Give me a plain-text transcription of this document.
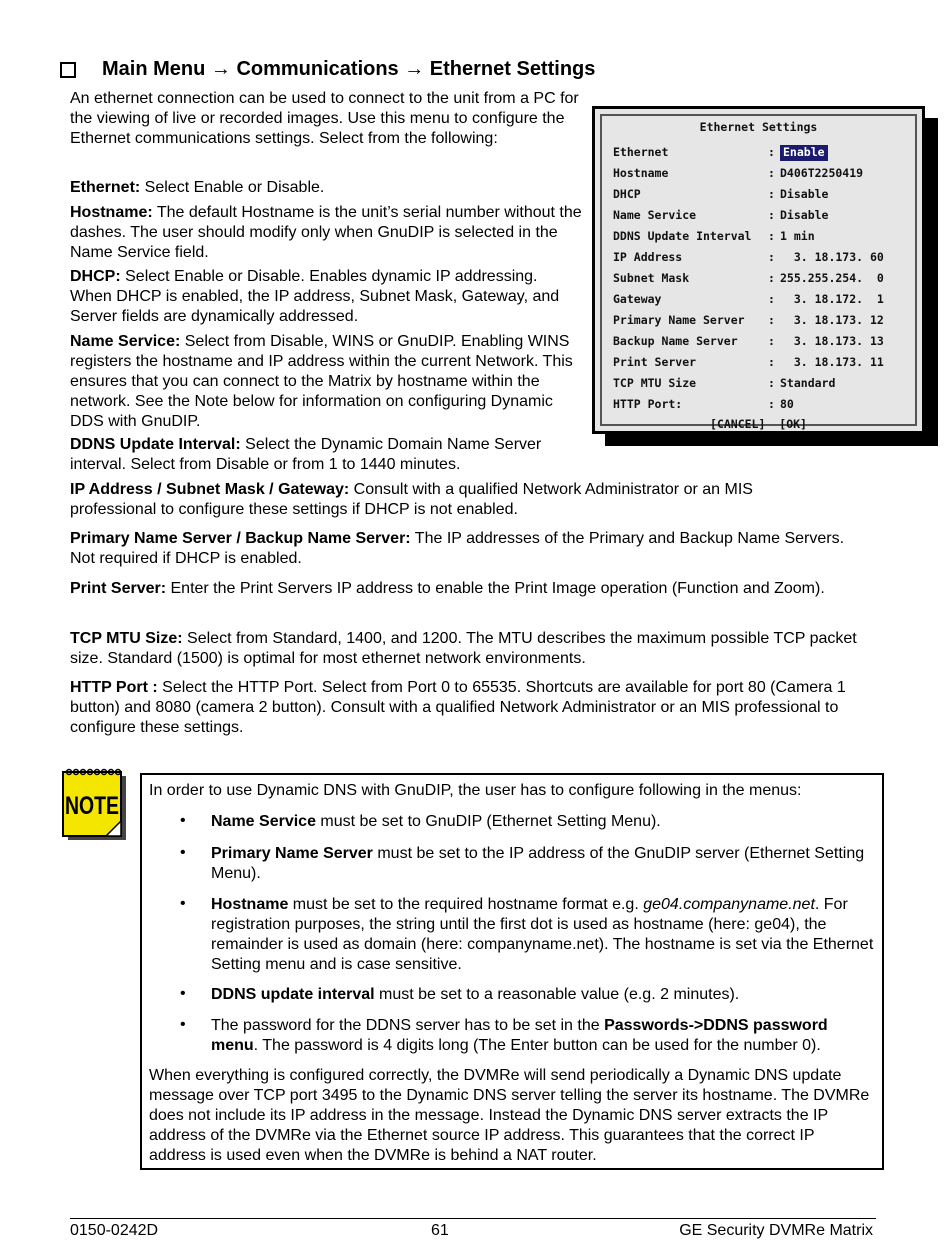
Main Menu → Communications → Ethernet Settings
An ethernet connection can be used to connect to the unit from a PC for the viewing of live or recorded images. Use this menu to configure the Ethernet communications settings. Select from the following:
Ethernet: Select Enable or Disable.
Hostname: The default Hostname is the unit’s serial number without the dashes. The user should modify only when GnuDIP is selected in the Name Service field.
DHCP: Select Enable or Disable. Enables dynamic IP addressing. When DHCP is enabled, the IP address, Subnet Mask, Gateway, and Server fields are dynamically addressed.
Name Service: Select from Disable, WINS or GnuDIP. Enabling WINS registers the hostname and IP address within the current Network. This ensures that you can connect to the Matrix by hostname within the network. See the Note below for information on configuring Dynamic DDS with GnuDIP.
DDNS Update Interval: Select the Dynamic Domain Name Server interval. Select from Disable or from 1 to 1440 minutes.
IP Address / Subnet Mask / Gateway: Consult with a qualified Network Administrator or an MIS professional to configure these settings if DHCP is not enabled.
Primary Name Server / Backup Name Server: The IP addresses of the Primary and Backup Name Servers. Not required if DHCP is enabled.
Print Server: Enter the Print Servers IP address to enable the Print Image operation (Function and Zoom).
TCP MTU Size: Select from Standard, 1400, and 1200. The MTU describes the maximum possible TCP packet size. Standard (1500) is optimal for most ethernet network environments.
HTTP Port : Select the HTTP Port. Select from Port 0 to 65535. Shortcuts are available for port 80 (Camera 1 button) and 8080 (camera 2 button). Consult with a qualified Network Administrator or an MIS professional to configure these settings.
Ethernet Settings
Ethernet	: Enable
Hostname	: D406T2250419
DHCP	: Disable
Name Service	: Disable
DDNS Update Interval	: 1 min
IP Address	: 3. 18.173. 60
Subnet Mask	: 255.255.254.  0
Gateway	: 3. 18.172.  1
Primary Name Server	: 3. 18.173. 12
Backup Name Server	: 3. 18.173. 13
Print Server	: 3. 18.173. 11
TCP MTU Size	: Standard
HTTP Port:	: 80
[CANCEL] [OK]
NOTE
In order to use Dynamic DNS with GnuDIP, the user has to configure following in the menus:
• Name Service must be set to GnuDIP (Ethernet Setting Menu).
• Primary Name Server must be set to the IP address of the GnuDIP server (Ethernet Setting Menu).
• Hostname must be set to the required hostname format e.g. ge04.companyname.net. For registration purposes, the string until the first dot is used as hostname (here: ge04), the remainder is used as domain (here: companyname.net). The hostname is set via the Ethernet Setting menu and is case sensitive.
• DDNS update interval must be set to a reasonable value (e.g. 2 minutes).
• The password for the DDNS server has to be set in the Passwords->DDNS password menu. The password is 4 digits long (The Enter button can be used for the number 0).
When everything is configured correctly, the DVMRe will send periodically a Dynamic DNS update message over TCP port 3495 to the Dynamic DNS server telling the server its hostname. The DVMRe does not include its IP address in the message. Instead the Dynamic DNS server extracts the IP address of the DVMRe via the Ethernet source IP address. This guarantees that the correct IP address is used even when the DVMRe is behind a NAT router.
0150-0242D	61	GE Security DVMRe Matrix
